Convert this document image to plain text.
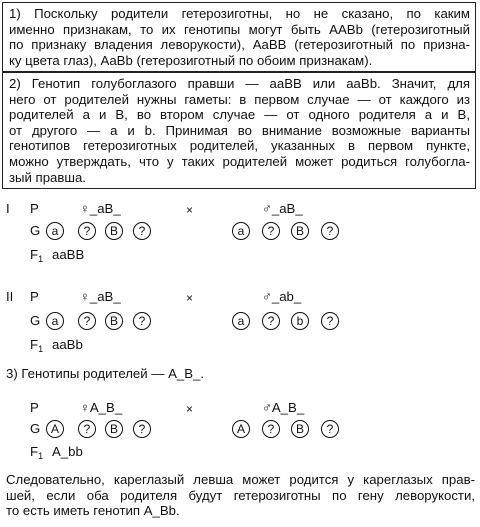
1) Поскольку родители гетерозиготны, но не сказано, по каким
именно признакам, то их генотипы могут быть AABb (гетерозиготный
по признаку владения леворукости), AaBB (гетерозиготный по призна-
ку цвета глаз), AaBb (гетерозиготный по обоим признакам).
2) Генотип голубоглазого правши — aaBB или aaBb. Значит, для
него от родителей нужны гаметы: в первом случае — от каждого из
родителей a и B, во втором случае — от одного родителя a и B,
от другого — a и b. Принимая во внимание возможные варианты
генотипов гетерозиготных родителей, указанных в первом пункте,
можно утверждать, что у таких родителей может родиться голубогла-
зый правша.
I P	♀_aB_	×	♂_aB_
G a	?	B	?	a	?	B	?
$F_1$ aaBB
II P	♀_aB_	×	♂_ab_
G a	?	B	?	a	?	b	?
$F_1$ aaBb
3) Генотипы родителей — A_B_.
P	♀A_B_	×	♂A_B_
G A	?	B	?	A	?	B	?
$F_1$ A_bb
Следовательно, кареглазый левша может родится у кареглазых прав-
шей, если оба родителя будут гетерозиготны по гену леворукости,
то есть иметь генотип A_Bb.
